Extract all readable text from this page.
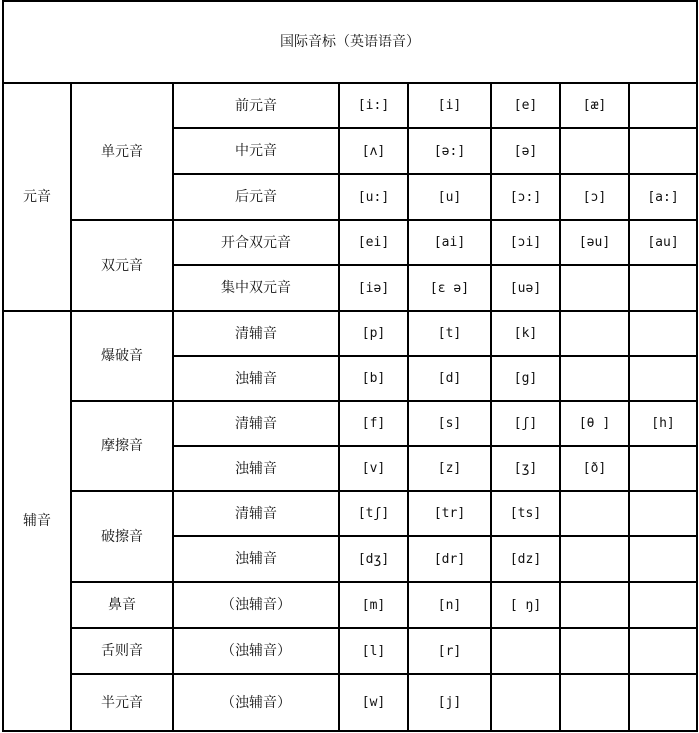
国际音标（英语语音）							
元音	单元音	前元音	[i:]	[i]	[e]	[æ]	
		中元音	[ʌ]	[ə:]	[ə]		
		后元音	[u:]	[u]	[ɔ:]	[ɔ]	[a:]
	双元音	开合双元音	[ei]	[ai]	[ɔi]	[əu]	[au]
		集中双元音	[iə]	[ɛ ə]	[uə]		
辅音	爆破音	清辅音	[p]	[t]	[k]		
		浊辅音	[b]	[d]	[g]		
	摩擦音	清辅音	[f]	[s]	[ʃ]	[θ ]	[h]
		浊辅音	[v]	[z]	[ʒ]	[ð]	
	破擦音	清辅音	[tʃ]	[tr]	[ts]		
		浊辅音	[dʒ]	[dr]	[dz]		
	鼻音	（浊辅音）	[m]	[n]	[ ŋ]		
	舌则音	（浊辅音）	[l]	[r]			
	半元音	（浊辅音）	[w]	[j]			
